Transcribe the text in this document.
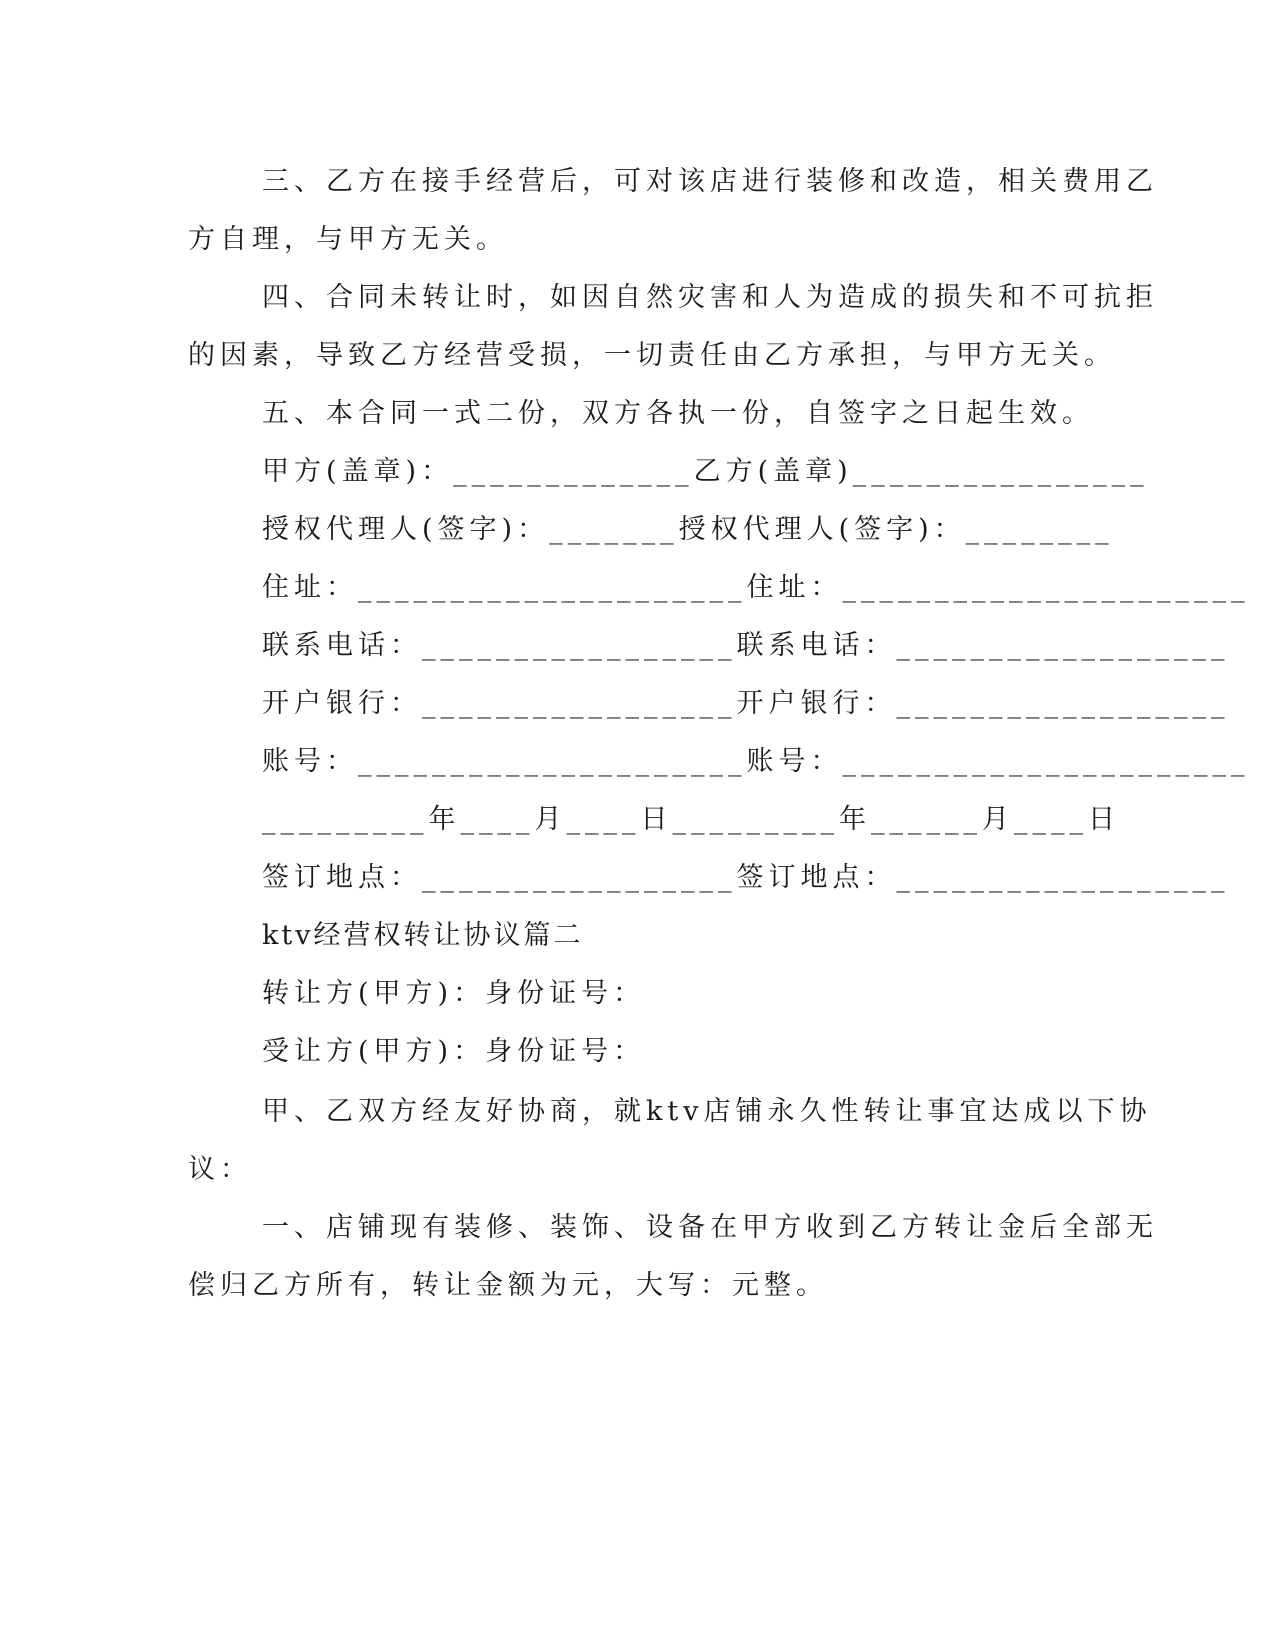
三、乙方在接手经营后，可对该店进行装修和改造，相关费用乙

方自理，与甲方无关。

四、合同未转让时，如因自然灾害和人为造成的损失和不可抗拒

的因素，导致乙方经营受损，一切责任由乙方承担，与甲方无关。

五、本合同一式二份，双方各执一份，自签字之日起生效。

甲方(盖章)：_____________乙方(盖章)________________

授权代理人(签字)：_______授权代理人(签字)：________

住址：_____________________住址：______________________

联系电话：_________________联系电话：__________________

开户银行：_________________开户银行：__________________

账号：_____________________账号：______________________

_________年____月____日_________年______月____日

签订地点：_________________签订地点：__________________

ktv经营权转让协议篇二

转让方(甲方)：身份证号：

受让方(甲方)：身份证号：

甲、乙双方经友好协商，就ktv店铺永久性转让事宜达成以下协

议：

一、店铺现有装修、装饰、设备在甲方收到乙方转让金后全部无

偿归乙方所有，转让金额为元，大写：元整。
